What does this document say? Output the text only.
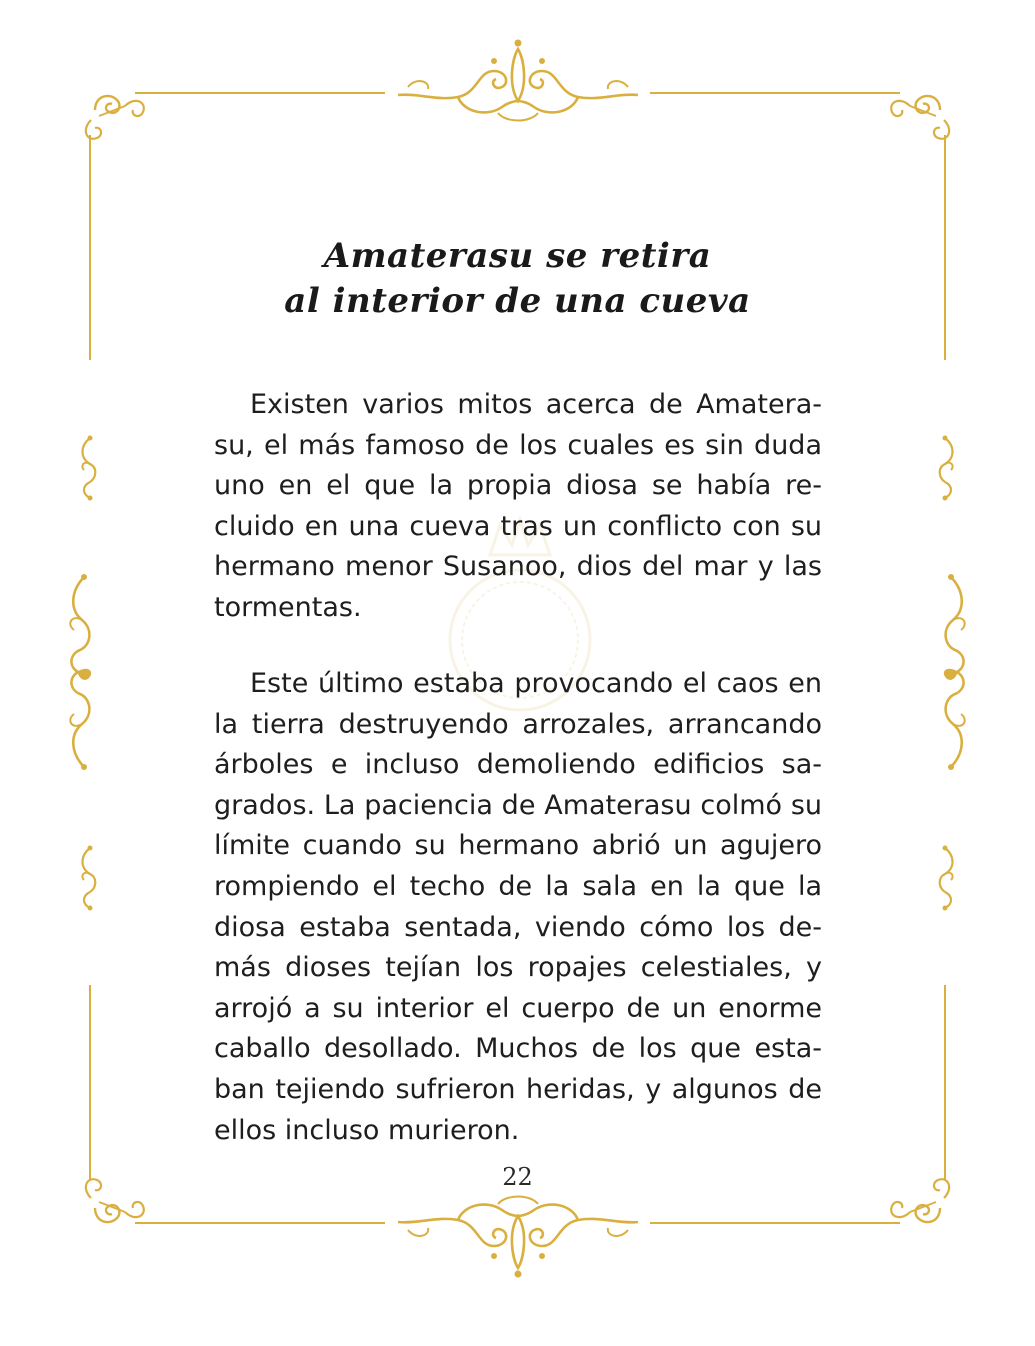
Amaterasu se retira
al interior de una cueva

Existen varios mitos acerca de Amaterasu, el más famoso de los cuales es sin duda uno en el que la propia diosa se había recluido en una cueva tras un conflicto con su hermano menor Susanoo, dios del mar y las tormentas.

Este último estaba provocando el caos en la tierra destruyendo arrozales, arrancando árboles e incluso demoliendo edificios sagrados. La paciencia de Amaterasu colmó su límite cuando su hermano abrió un agujero rompiendo el techo de la sala en la que la diosa estaba sentada, viendo cómo los demás dioses tejían los ropajes celestiales, y arrojó a su interior el cuerpo de un enorme caballo desollado. Muchos de los que estaban tejiendo sufrieron heridas, y algunos de ellos incluso murieron.

22
